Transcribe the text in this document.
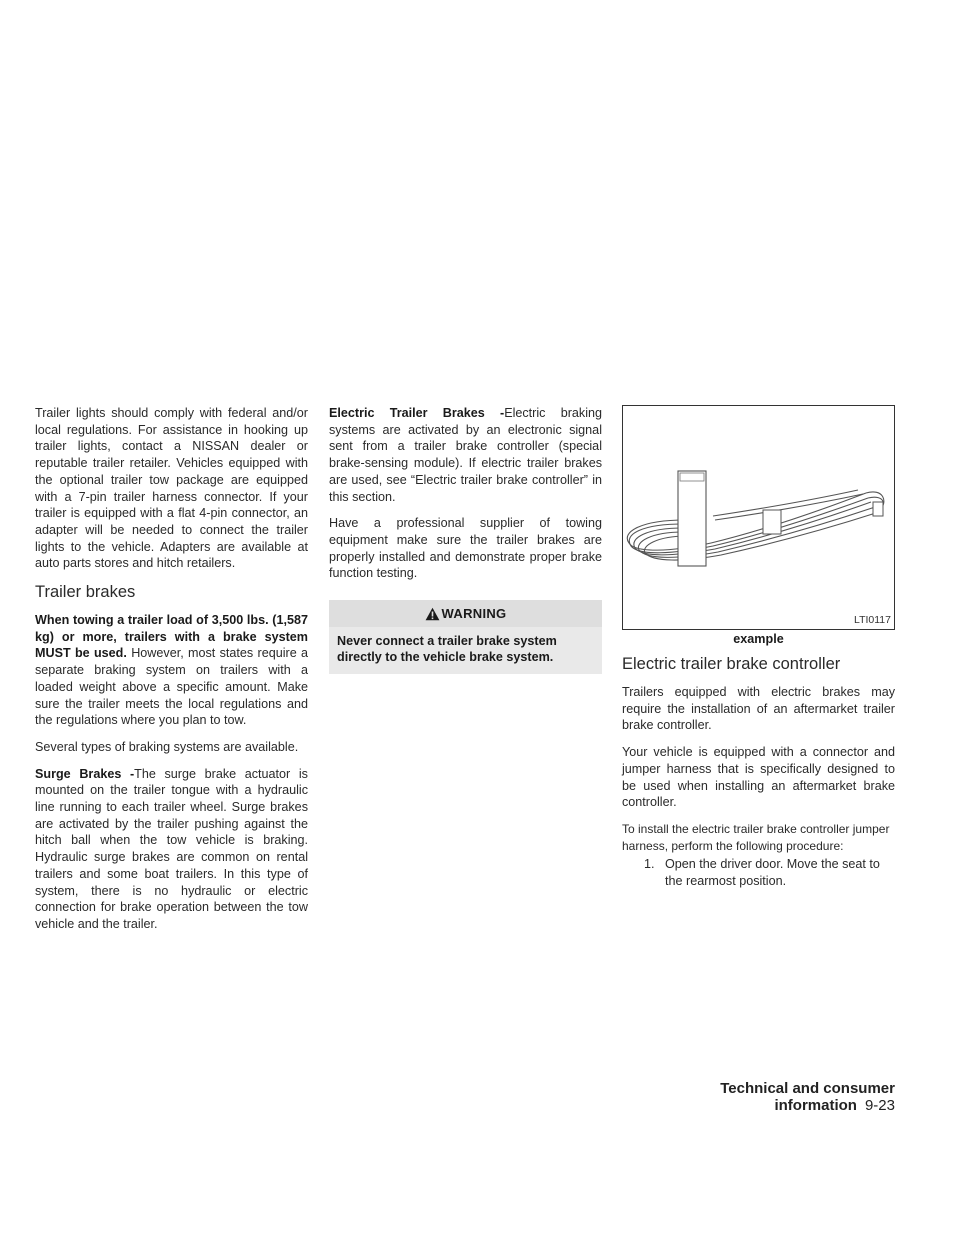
Trailer lights should comply with federal and/or local regulations. For assistance in hooking up trailer lights, contact a NISSAN dealer or reputable trailer retailer. Vehicles equipped with the optional trailer tow package are equipped with a 7-pin trailer harness connector. If your trailer is equipped with a flat 4-pin connector, an adapter will be needed to connect the trailer lights to the vehicle. Adapters are available at auto parts stores and hitch retailers.

Trailer brakes

When towing a trailer load of 3,500 lbs. (1,587 kg) or more, trailers with a brake system MUST be used. However, most states require a separate braking system on trailers with a loaded weight above a specific amount. Make sure the trailer meets the local regulations and the regulations where you plan to tow.

Several types of braking systems are available.

Surge Brakes -The surge brake actuator is mounted on the trailer tongue with a hydraulic line running to each trailer wheel. Surge brakes are activated by the trailer pushing against the hitch ball when the tow vehicle is braking. Hydraulic surge brakes are common on rental trailers and some boat trailers. In this type of system, there is no hydraulic or electric connection for brake operation between the tow vehicle and the trailer.

Electric Trailer Brakes -Electric braking systems are activated by an electronic signal sent from a trailer brake controller (special brake-sensing module). If electric trailer brakes are used, see “Electric trailer brake controller” in this section.

Have a professional supplier of towing equipment make sure the trailer brakes are properly installed and demonstrate proper brake function testing.

WARNING
Never connect a trailer brake system directly to the vehicle brake system.
LTI0117
example
Electric trailer brake controller

Trailers equipped with electric brakes may require the installation of an aftermarket trailer brake controller.

Your vehicle is equipped with a connector and jumper harness that is specifically designed to be used when installing an aftermarket brake controller.

To install the electric trailer brake controller jumper harness, perform the following procedure:

1. Open the driver door. Move the seat to the rearmost position.
Technical and consumer information 9-23
